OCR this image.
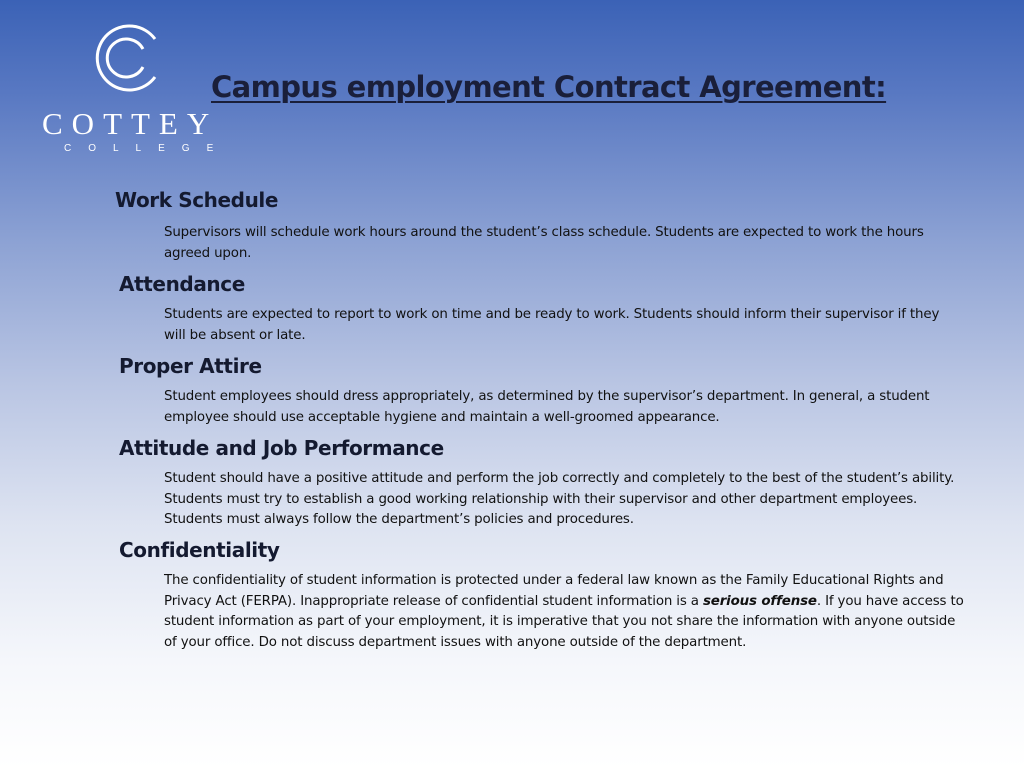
COTTEY
COLLEGE
Campus employment Contract Agreement:
Work Schedule

Supervisors will schedule work hours around the student’s class schedule. Students are expected to work the hours agreed upon.

Attendance

Students are expected to report to work on time and be ready to work. Students should inform their supervisor if they will be absent or late.

Proper Attire

Student employees should dress appropriately, as determined by the supervisor’s department. In general, a student employee should use acceptable hygiene and maintain a well-groomed appearance.

Attitude and Job Performance

Student should have a positive attitude and perform the job correctly and completely to the best of the student’s ability. Students must try to establish a good working relationship with their supervisor and other department employees. Students must always follow the department’s policies and procedures.

Confidentiality

The confidentiality of student information is protected under a federal law known as the Family Educational Rights and Privacy Act (FERPA). Inappropriate release of confidential student information is a serious offense. If you have access to student information as part of your employment, it is imperative that you not share the information with anyone outside of your office. Do not discuss department issues with anyone outside of the department.
